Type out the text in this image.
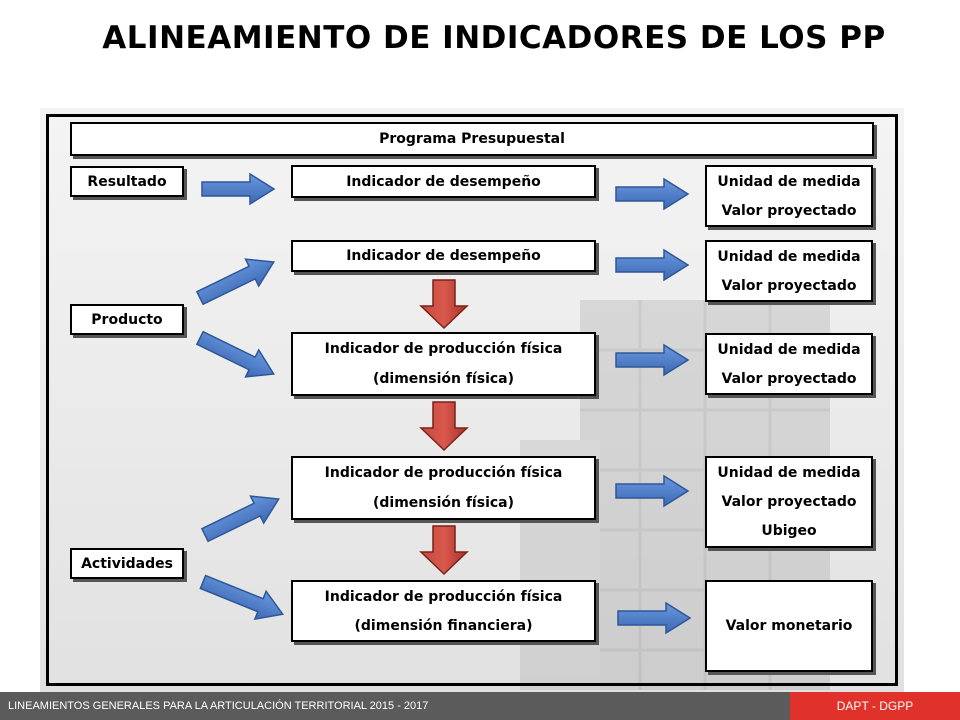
ALINEAMIENTO DE INDICADORES DE LOS PP
Programa Presupuestal
Resultado
Producto
Actividades
Indicador de desempeño
Indicador de desempeño
Indicador de producción física
(dimensión física)
Indicador de producción física
(dimensión física)
Indicador de producción física
(dimensión financiera)
Unidad de medida
Valor proyectado
Unidad de medida
Valor proyectado
Unidad de medida
Valor proyectado
Unidad de medida
Valor proyectado
Ubigeo
Valor monetario
LINEAMIENTOS GENERALES PARA LA ARTICULACIÓN TERRITORIAL 2015 - 2017	DAPT - DGPP
